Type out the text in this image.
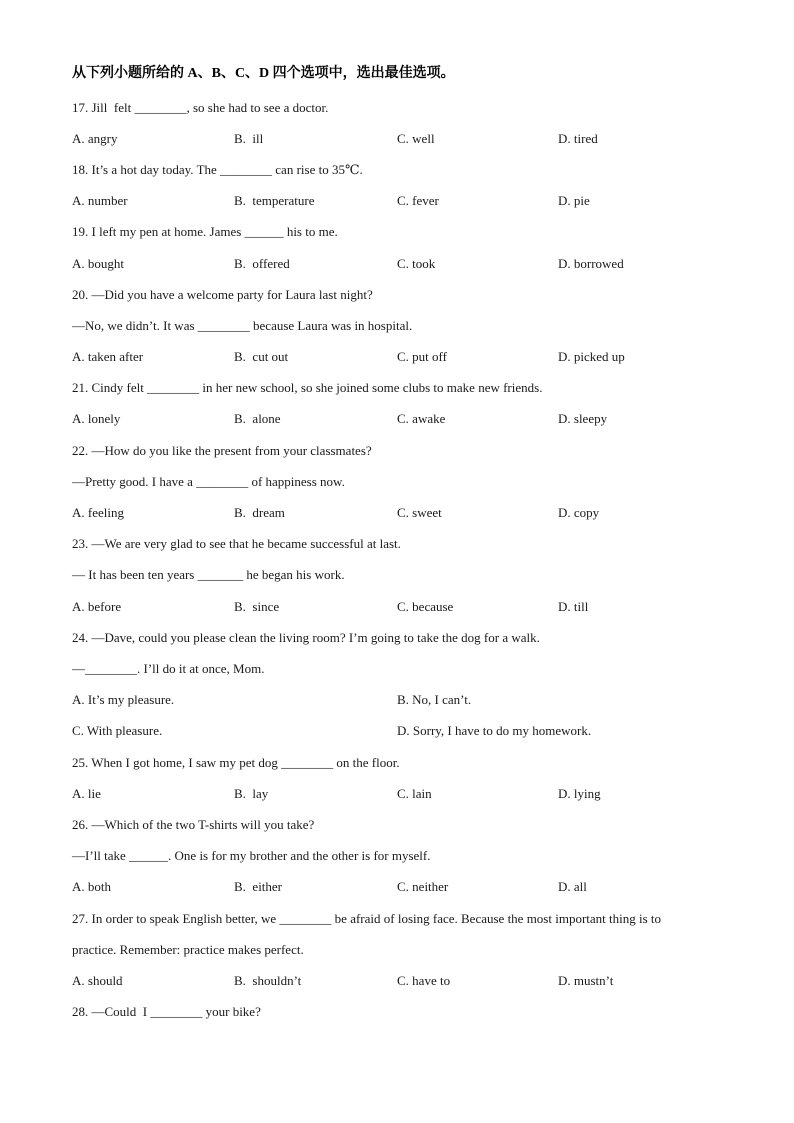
从下列小题所给的 A、B、C、D 四个选项中，选出最佳选项。
17. Jill  felt ________, so she had to see a doctor.
A. angry	B.  ill	C. well	D. tired
18. It’s a hot day today. The ________ can rise to 35℃.
A. number	B.  temperature	C. fever	D. pie
19. I left my pen at home. James ______ his to me.
A. bought	B.  offered	C. took	D. borrowed
20. —Did you have a welcome party for Laura last night?
—No, we didn’t. It was ________ because Laura was in hospital.
A. taken after	B.  cut out	C. put off	D. picked up
21. Cindy felt ________ in her new school, so she joined some clubs to make new friends.
A. lonely	B.  alone	C. awake	D. sleepy
22. —How do you like the present from your classmates?
—Pretty good. I have a ________ of happiness now.
A. feeling	B.  dream	C. sweet	D. copy
23. —We are very glad to see that he became successful at last.
— It has been ten years _______ he began his work.
A. before	B.  since	C. because	D. till
24. —Dave, could you please clean the living room? I’m going to take the dog for a walk.
—________. I’ll do it at once, Mom.
A. It’s my pleasure.	B. No, I can’t.
C. With pleasure.	D. Sorry, I have to do my homework.
25. When I got home, I saw my pet dog ________ on the floor.
A. lie	B.  lay	C. lain	D. lying
26. —Which of the two T-shirts will you take?
—I’ll take ______. One is for my brother and the other is for myself.
A. both	B.  either	C. neither	D. all
27. In order to speak English better, we ________ be afraid of losing face. Because the most important thing is to
practice. Remember: practice makes perfect.
A. should	B.  shouldn’t	C. have to	D. mustn’t
28. —Could  I ________ your bike?
